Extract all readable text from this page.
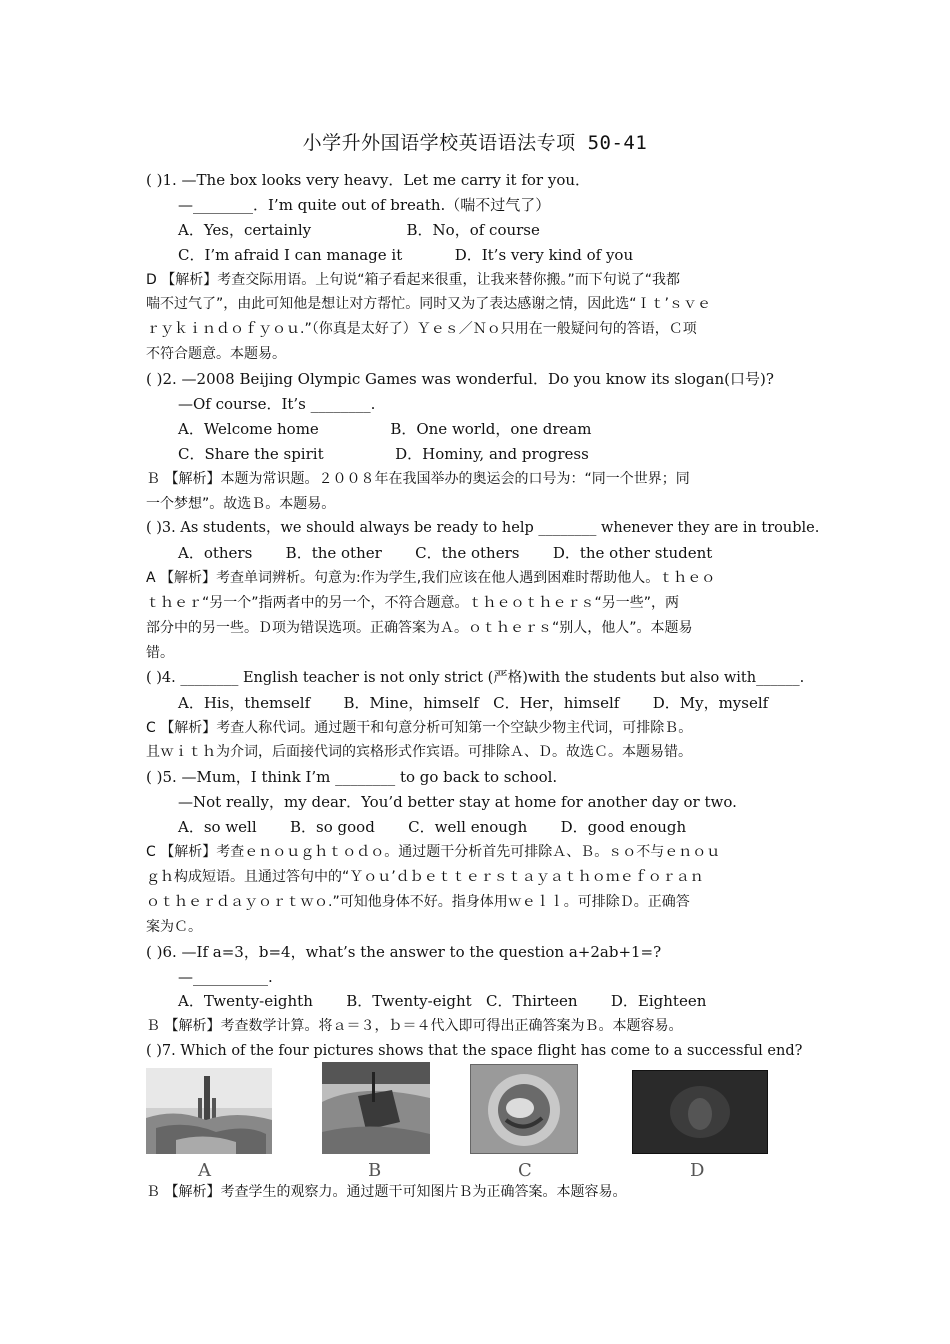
小学升外国语学校英语语法专项 50-41
( )1. —The box looks very heavy．Let me carry it for you．
—________．I’m quite out of breath.（喘不过气了）
A．Yes，certainly                    B．No，of course
C．I’m afraid I can manage it           D．It’s very kind of you
D 【解析】考查交际用语。上句说“箱子看起来很重，让我来替你搬。”而下句说了“我都
喘不过气了”，由此可知他是想让对方帮忙。同时又为了表达感谢之情，因此选“Ｉｔ’ｓｖｅ
ｒｙｋｉｎｄｏｆｙｏｕ.”（你真是太好了）Ｙｅｓ／Ｎｏ只用在一般疑问句的答语，Ｃ项
不符合题意。本题易。
( )2. —2008 Beijing Olympic Games was wonderful．Do you know its slogan(口号)?
—Of course．It’s ________.
A．Welcome home               B．One world，one dream
C．Share the spirit               D．Hominy, and progress
Ｂ 【解析】本题为常识题。２００８年在我国举办的奥运会的口号为：“同一个世界；同
一个梦想”。故选Ｂ。本题易。
( )3. As students，we should always be ready to help ________ whenever they are in trouble.
A．others       B．the other       C．the others       D．the other student
A 【解析】考查单词辨析。句意为:作为学生,我们应该在他人遇到困难时帮助他人。ｔｈｅｏ
ｔｈｅｒ“另一个”指两者中的另一个，不符合题意。ｔｈｅｏｔｈｅｒｓ“另一些”，两
部分中的另一些。Ｄ项为错误选项。正确答案为Ａ。ｏｔｈｅｒｓ“别人，他人”。本题易
错。
( )4. ________ English teacher is not only strict (严格)with the students but also with______.
A．His，themself       B．Mine，himself   C．Her，himself       D．My，myself
C 【解析】考查人称代词。通过题干和句意分析可知第一个空缺少物主代词，可排除Ｂ。
且ｗｉｔｈ为介词，后面接代词的宾格形式作宾语。可排除Ａ、Ｄ。故选Ｃ。本题易错。
( )5. —Mum，I think I’m ________ to go back to school.
—Not really，my dear．You’d better stay at home for another day or two.
A．so well       B．so good       C．well enough       D．good enough
C 【解析】考查ｅｎｏｕｇｈｔｏｄｏ。通过题干分析首先可排除Ａ、Ｂ。ｓｏ不与ｅｎｏｕ
ｇｈ构成短语。且通过答句中的“Ｙｏｕ’ｄｂｅｔｔｅｒｓｔａｙａｔｈｏｍｅｆｏｒａｎ
ｏｔｈｅｒｄａｙｏｒｔｗｏ.”可知他身体不好。指身体用ｗｅｌｌ。可排除Ｄ。正确答
案为Ｃ。
( )6. —If a=3，b=4，what’s the answer to the question a+2ab+1=?
—__________.
A．Twenty-eighth       B．Twenty-eight   C．Thirteen       D．Eighteen
Ｂ 【解析】考查数学计算。将ａ＝３，ｂ＝４代入即可得出正确答案为Ｂ。本题容易。
( )7. Which of the four pictures shows that the space flight has come to a successful end?
A	B	C	D
Ｂ 【解析】考查学生的观察力。通过题干可知图片Ｂ为正确答案。本题容易。
